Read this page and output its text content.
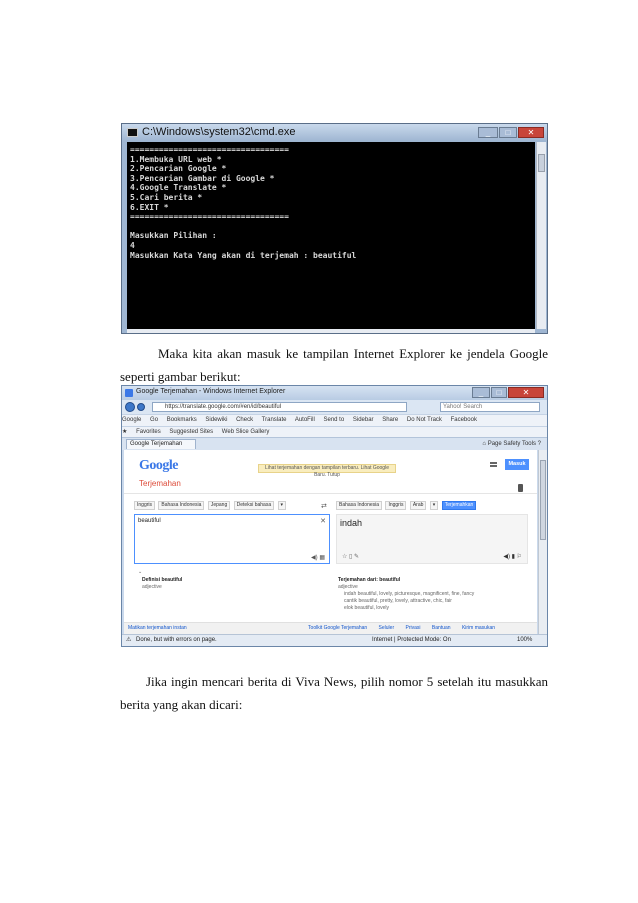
C:\Windows\system32\cmd.exe	_	□	✕
=================================
1.Membuka URL web *
2.Pencarian Google *
3.Pencarian Gambar di Google *
4.Google Translate *
5.Cari berita *
6.EXIT *
=================================

Masukkan Pilihan :
4
Masukkan Kata Yang akan di terjemah : beautiful
Maka kita akan masuk ke tampilan Internet Explorer ke jendela Google
seperti gambar berikut:
Google Terjemahan - Windows Internet Explorer	_	□	✕
https://translate.google.com/#en/id/beautiful	Yahoo! Search
Google Go Bookmarks Sidewiki Check Translate AutoFill Send to Sidebar Share Do Not Track Facebook
★ Favorites Suggested Sites Web Slice Gallery
Google Terjemahan	⌂ Page Safety Tools ?
Google
Terjemahan
Lihat terjemahan dengan tampilan terbaru. Lihat Google Baru. Tutup
Masuk
Inggris Bahasa Indonesia Jepang Deteksi bahasa ▾	⇄	Bahasa Indonesia Inggris Arab ▾ Terjemahkan
beautiful	✕
◀) ▦
indah
☆ ▯ ✎	◀) ▮ ⚐
⌄
Definisi beautiful
adjective
Terjemahan dari: beautiful
adjective
indah beautiful, lovely, picturesque, magnificent, fine, fancy
cantik beautiful, pretty, lovely, attractive, chic, fair
elok beautiful, lovely
Matikan terjemahan instan	Toolkit Google Terjemahan Seluler Privasi Bantuan Kirim masukan
⚠ Done, but with errors on page.	Internet | Protected Mode: On	100%
Jika ingin mencari berita di Viva News, pilih nomor 5 setelah itu masukkan
berita yang akan dicari:
